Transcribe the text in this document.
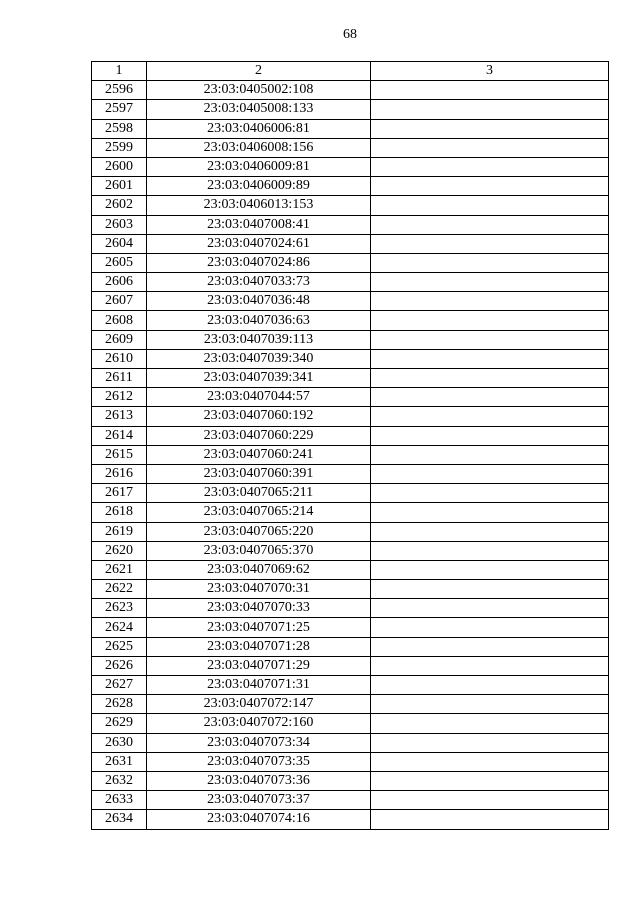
68
1	2	3
2596	23:03:0405002:108	
2597	23:03:0405008:133	
2598	23:03:0406006:81	
2599	23:03:0406008:156	
2600	23:03:0406009:81	
2601	23:03:0406009:89	
2602	23:03:0406013:153	
2603	23:03:0407008:41	
2604	23:03:0407024:61	
2605	23:03:0407024:86	
2606	23:03:0407033:73	
2607	23:03:0407036:48	
2608	23:03:0407036:63	
2609	23:03:0407039:113	
2610	23:03:0407039:340	
2611	23:03:0407039:341	
2612	23:03:0407044:57	
2613	23:03:0407060:192	
2614	23:03:0407060:229	
2615	23:03:0407060:241	
2616	23:03:0407060:391	
2617	23:03:0407065:211	
2618	23:03:0407065:214	
2619	23:03:0407065:220	
2620	23:03:0407065:370	
2621	23:03:0407069:62	
2622	23:03:0407070:31	
2623	23:03:0407070:33	
2624	23:03:0407071:25	
2625	23:03:0407071:28	
2626	23:03:0407071:29	
2627	23:03:0407071:31	
2628	23:03:0407072:147	
2629	23:03:0407072:160	
2630	23:03:0407073:34	
2631	23:03:0407073:35	
2632	23:03:0407073:36	
2633	23:03:0407073:37	
2634	23:03:0407074:16	
